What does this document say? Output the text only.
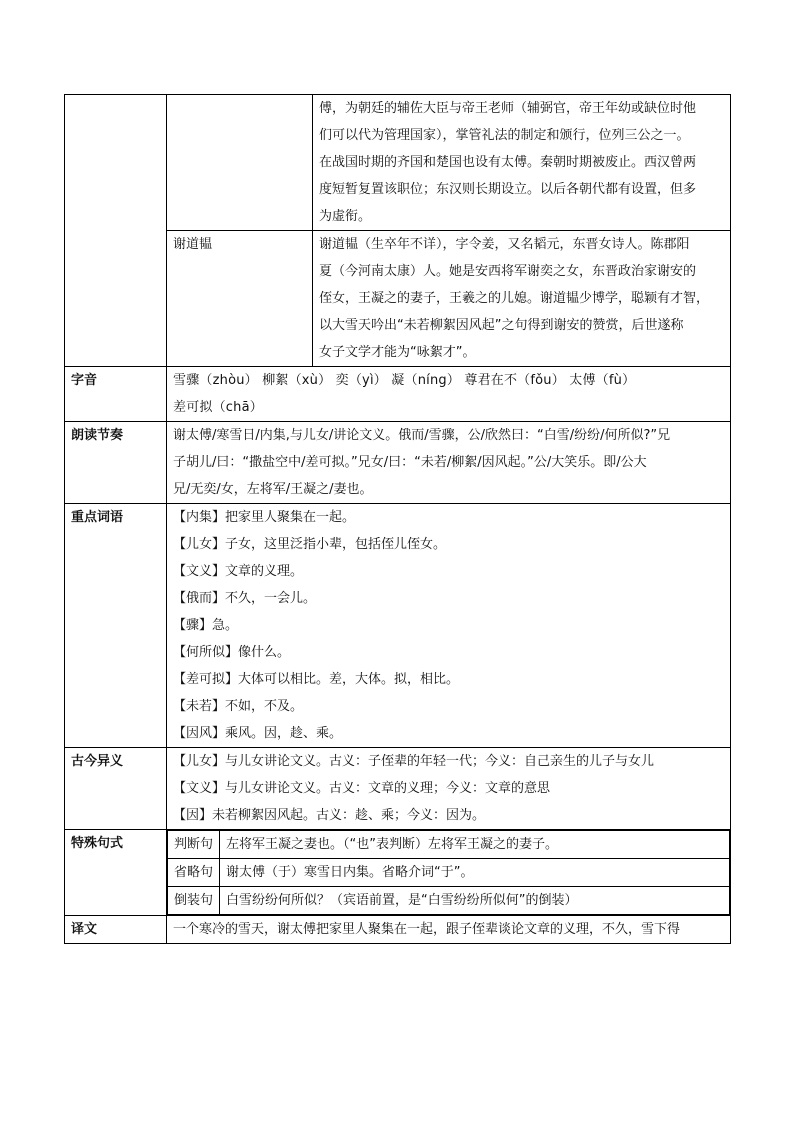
傅，为朝廷的辅佐大臣与帝王老师（辅弼官，帝王年幼或缺位时他
们可以代为管理国家），掌管礼法的制定和颁行，位列三公之一。
在战国时期的齐国和楚国也设有太傅。秦朝时期被废止。西汉曾两
度短暂复置该职位；东汉则长期设立。以后各朝代都有设置，但多
为虚衔。

谢道韫	谢道韫（生卒年不详），字令姜，又名韬元，东晋女诗人。陈郡阳
夏（今河南太康）人。她是安西将军谢奕之女，东晋政治家谢安的
侄女，王凝之的妻子，王羲之的儿媳。谢道韫少博学，聪颖有才智，
以大雪天吟出“未若柳絮因风起”之句得到谢安的赞赏，后世遂称
女子文学才能为“咏絮才”。

字音	雪骤（zhòu） 柳絮（xù） 奕（yì） 凝（níng） 尊君在不（fǒu） 太傅（fù）
差可拟（chā）

朗读节奏	谢太傅/寒雪日/内集,与儿女/讲论文义。俄而/雪骤，公/欣然曰：“白雪/纷纷/何所似?”兄
子胡儿/曰：“撒盐空中/差可拟。”兄女/曰：“未若/柳絮/因风起。”公/大笑乐。即/公大
兄/无奕/女，左将军/王凝之/妻也。

重点词语	【内集】把家里人聚集在一起。
【儿女】子女，这里泛指小辈，包括侄儿侄女。
【文义】文章的义理。
【俄而】不久，一会儿。
【骤】急。
【何所似】像什么。
【差可拟】大体可以相比。差，大体。拟，相比。
【未若】不如，不及。
【因风】乘风。因，趁、乘。

古今异义	【儿女】与儿女讲论文义。古义：子侄辈的年轻一代；今义：自己亲生的儿子与女儿
【文义】与儿女讲论文义。古义：文章的义理；今义：文章的意思
【因】未若柳絮因风起。古义：趁、乘；今义：因为。

特殊句式		判断句	左将军王凝之妻也。（“也”表判断）左将军王凝之的妻子。

省略句	谢太傅（于）寒雪日内集。省略介词“于”。

倒装句	白雪纷纷何所似？（宾语前置，是“白雪纷纷所似何”的倒装）

译文	一个寒冷的雪天，谢太傅把家里人聚集在一起，跟子侄辈谈论文章的义理，不久，雪下得
